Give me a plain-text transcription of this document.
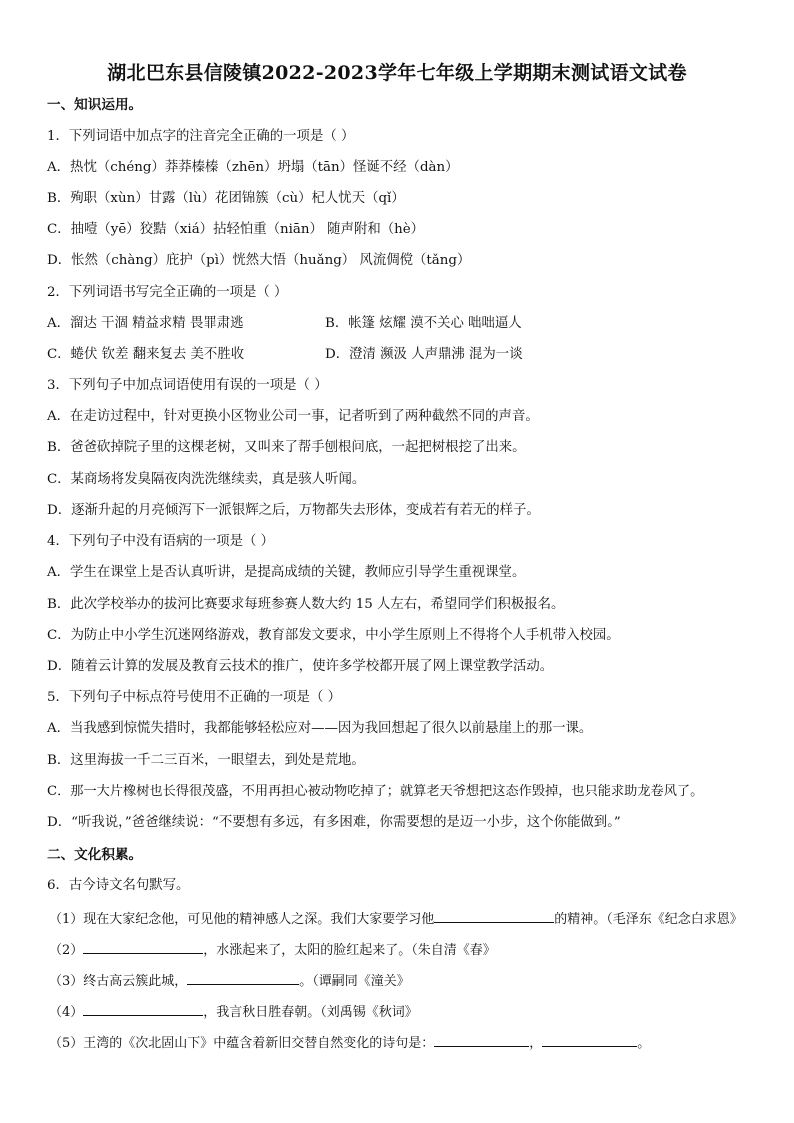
湖北巴东县信陵镇2022-2023学年七年级上学期期末测试语文试卷
一、知识运用。
1．下列词语中加点字的注音完全正确的一项是（ ）
A．热忱（chéng）莽莽榛榛（zhēn）坍塌（tān）怪诞不经（dàn）
B．殉职（xùn）甘露（lù）花团锦簇（cù）杞人忧天（qǐ）
C．抽噎（yē）狡黠（xiá）拈轻怕重（niān） 随声附和（hè）
D．怅然（chàng）庇护（pì）恍然大悟（huǎng） 风流倜傥（tǎng）
2．下列词语书写完全正确的一项是（ ）
A．溜达 干涸 精益求精 畏罪肃逃	B．帐篷 炫耀 漠不关心 咄咄逼人
C．蜷伏 钦差 翻来复去 美不胜收	D．澄清 濒汲 人声鼎沸 混为一谈
3．下列句子中加点词语使用有误的一项是（ ）
A．在走访过程中，针对更换小区物业公司一事，记者听到了两种截然不同的声音。
B．爸爸砍掉院子里的这棵老树，又叫来了帮手刨根问底，一起把树根挖了出来。
C．某商场将发臭隔夜肉洗洗继续卖，真是骇人听闻。
D．逐渐升起的月亮倾泻下一派银辉之后，万物都失去形体，变成若有若无的样子。
4．下列句子中没有语病的一项是（ ）
A．学生在课堂上是否认真听讲，是提高成绩的关键，教师应引导学生重视课堂。
B．此次学校举办的拔河比赛要求每班参赛人数大约 15 人左右，希望同学们积极报名。
C．为防止中小学生沉迷网络游戏，教育部发文要求，中小学生原则上不得将个人手机带入校园。
D．随着云计算的发展及教育云技术的推广，使许多学校都开展了网上课堂教学活动。
5．下列句子中标点符号使用不正确的一项是（ ）
A．当我感到惊慌失措时，我都能够轻松应对——因为我回想起了很久以前悬崖上的那一课。
B．这里海拔一千二三百米，一眼望去，到处是荒地。
C．那一大片橡树也长得很茂盛，不用再担心被动物吃掉了；就算老天爷想把这态作毁掉，也只能求助龙卷风了。
D．“听我说，”爸爸继续说：“不要想有多远，有多困难，你需要想的是迈一小步，这个你能做到。”
二、文化积累。
6．古今诗文名句默写。
（1）现在大家纪念他，可见他的精神感人之深。我们大家要学习他	的精神。（毛泽东《纪念白求恩》
（2）	，水涨起来了，太阳的脸红起来了。（朱自清《春》
（3）终古高云簇此城，	。（谭嗣同《潼关》
（4）	，我言秋日胜春朝。（刘禹锡《秋词》
（5）王湾的《次北固山下》中蕴含着新旧交替自然变化的诗句是：	，	。
